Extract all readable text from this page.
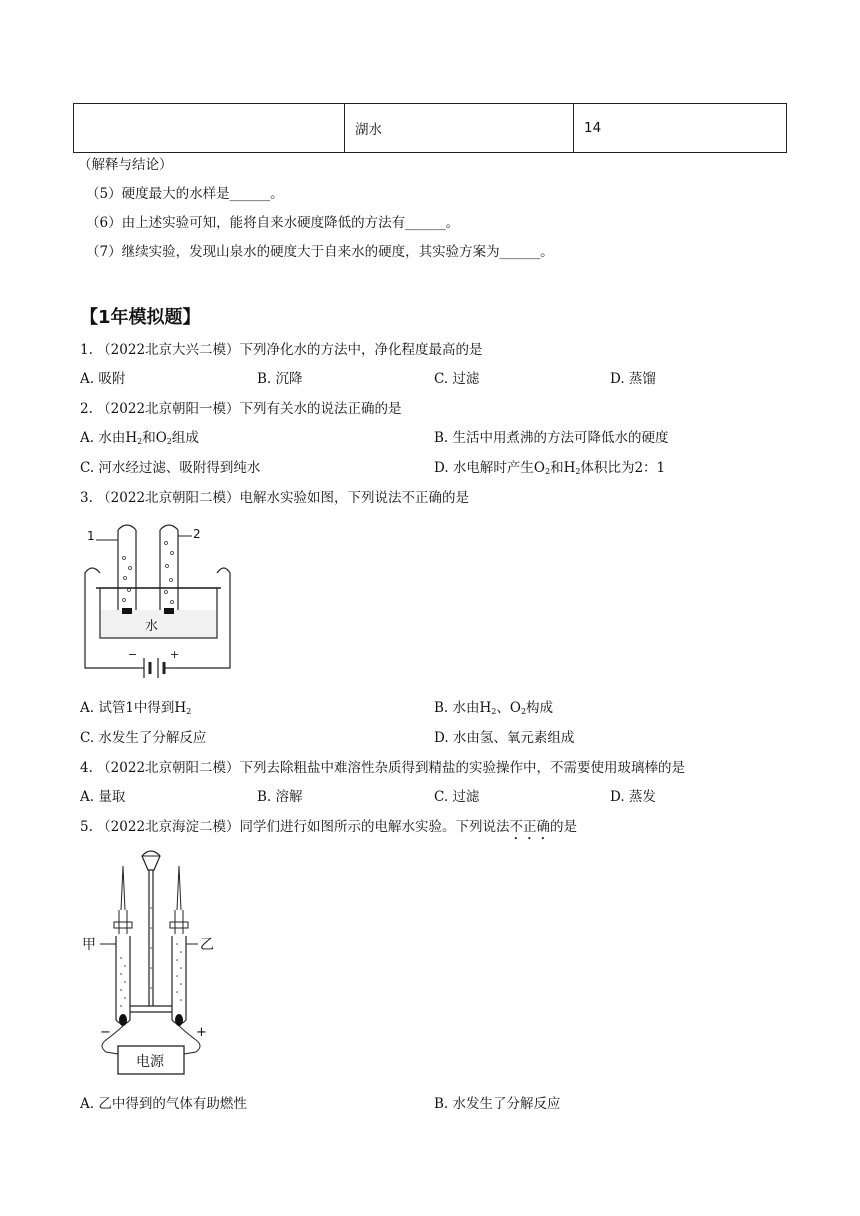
	湖水	14
（解释与结论）
（5）硬度最大的水样是______。
（6）由上述实验可知，能将自来水硬度降低的方法有______。
（7）继续实验，发现山泉水的硬度大于自来水的硬度，其实验方案为______。
【1年模拟题】
1. （2022北京大兴二模）下列净化水的方法中，净化程度最高的是
A. 吸附	B. 沉降	C. 过滤	D. 蒸馏
2. （2022北京朝阳一模）下列有关水的说法正确的是
A. 水由$H_2$和$O_2$组成	B. 生活中用煮沸的方法可降低水的硬度
C. 河水经过滤、吸附得到纯水	D. 水电解时产生$O_2$和$H_2$体积比为2：1
3. （2022北京朝阳二模）电解水实验如图，下列说法不正确的是
−	+
水
1	2
A. 试管1中得到$H_2$	B. 水由$H_2$、$O_2$构成
C. 水发生了分解反应	D. 水由氢、氧元素组成
4. （2022北京朝阳二模）下列去除粗盐中难溶性杂质得到精盐的实验操作中，不需要使用玻璃棒的是
A. 量取	B. 溶解	C. 过滤	D. 蒸发
5. （2022北京海淀二模）同学们进行如图所示的电解水实验。下列说法不正确的是
甲	乙
−	+
电源
A. 乙中得到的气体有助燃性	B. 水发生了分解反应
